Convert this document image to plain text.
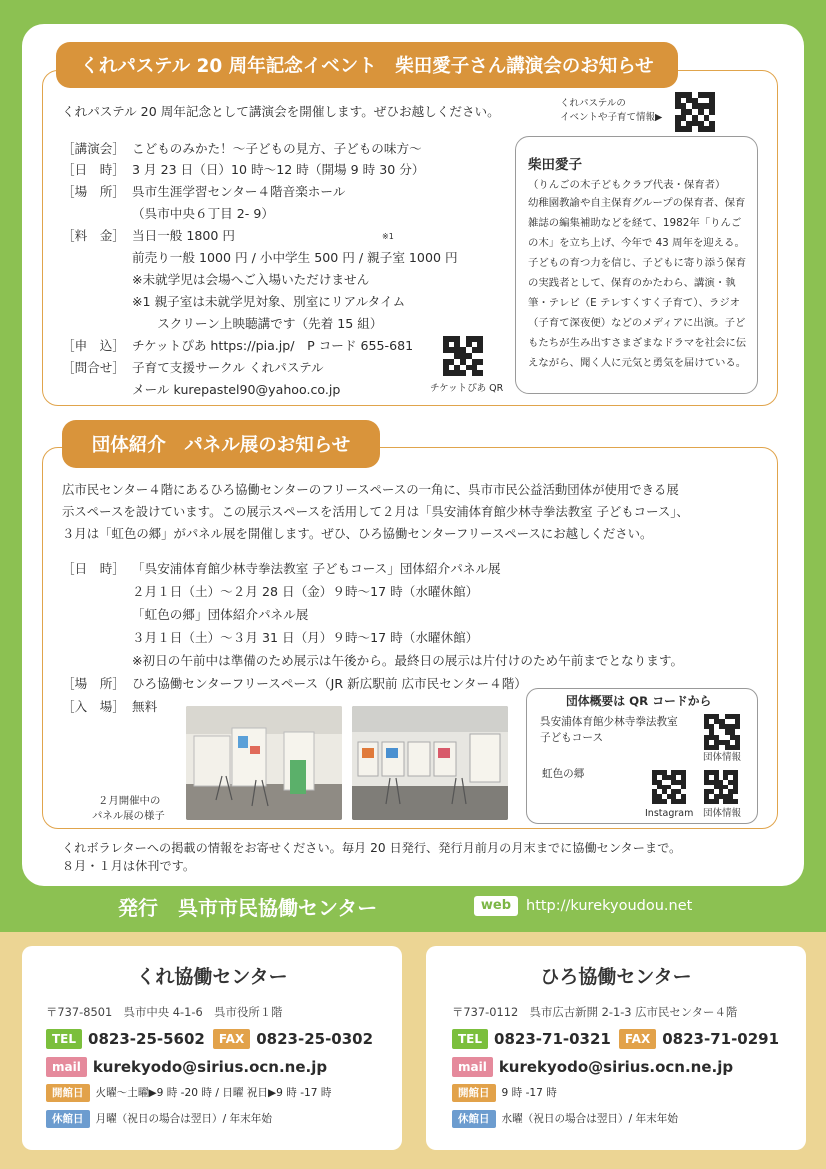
くれパステル 20 周年記念イベント　柴田愛子さん講演会のお知らせ
くれパステル 20 周年記念として講演会を開催します。ぜひお越しください。
くれパステルの
イベントや子育て情報▶
［講演会］ こどものみかた！～子どもの見方、子どもの味方～
［日　時］ 3 月 23 日（日）10 時～12 時（開場 9 時 30 分）
［場　所］ 呉市生涯学習センター４階音楽ホール
（呉市中央６丁目 2- 9）
［料　金］ 当日一般 1800 円	※1
前売り一般 1000 円 / 小中学生 500 円 / 親子室 1000 円
※未就学児は会場へご入場いただけません
※1 親子室は未就学児対象、別室にリアルタイム
　　スクリーン上映聴講です（先着 15 組）
［申　込］ チケットぴあ https://pia.jp/　P コード 655-681
［問合せ］ 子育て支援サークル くれパステル
メール kurepastel90@yahoo.co.jp	チケットぴあ QR
柴田愛子
（りんごの木子どもクラブ代表・保育者）
幼稚園教諭や自主保育グループの保育者、保育雑誌の編集補助などを経て、1982年「りんごの木」を立ち上げ、今年で 43 周年を迎える。子どもの育つ力を信じ、子どもに寄り添う保育の実践者として、保育のかたわら、講演・執筆・テレビ（E テレすくすく子育て）、ラジオ（子育て深夜便）などのメディアに出演。子どもたちが生み出すさまざまなドラマを社会に伝えながら、聞く人に元気と勇気を届けている。
団体紹介　パネル展のお知らせ
広市民センター４階にあるひろ協働センターのフリースペースの一角に、呉市市民公益活動団体が使用できる展
示スペースを設けています。この展示スペースを活用して２月は「呉安浦体育館少林寺拳法教室 子どもコース」、
３月は「虹色の郷」がパネル展を開催します。ぜひ、ひろ協働センターフリースペースにお越しください。
［日　時］ 「呉安浦体育館少林寺拳法教室 子どもコース」団体紹介パネル展
２月１日（土）～２月 28 日（金）９時～17 時（水曜休館）
「虹色の郷」団体紹介パネル展
３月１日（土）～３月 31 日（月）９時～17 時（水曜休館）
※初日の午前中は準備のため展示は午後から。最終日の展示は片付けのため午前までとなります。
［場　所］ ひろ協働センターフリースペース（JR 新広駅前 広市民センター４階）
［入　場］ 無料
２月開催中の
パネル展の様子
団体概要は QR コードから
呉安浦体育館少林寺拳法教室
子どもコース
団体情報
虹色の郷
Instagram 団体情報
くれボラレターへの掲載の情報をお寄せください。毎月 20 日発行、発行月前月の月末までに協働センターまで。
８月・１月は休刊です。
発行　呉市市民協働センター	web	http://kurekyoudou.net
くれ協働センター
〒737-8501　呉市中央 4-1-6　呉市役所１階
TEL 0823-25-5602 FAX 0823-25-0302
mail kurekyodo@sirius.ocn.ne.jp
開館日 火曜～土曜▶9 時 -20 時 / 日曜 祝日▶9 時 -17 時
休館日 月曜（祝日の場合は翌日）/ 年末年始
ひろ協働センター
〒737-0112　呉市広古新開 2-1-3 広市民センター４階
TEL 0823-71-0321 FAX 0823-71-0291
mail kurekyodo@sirius.ocn.ne.jp
開館日 9 時 -17 時
休館日 水曜（祝日の場合は翌日）/ 年末年始
